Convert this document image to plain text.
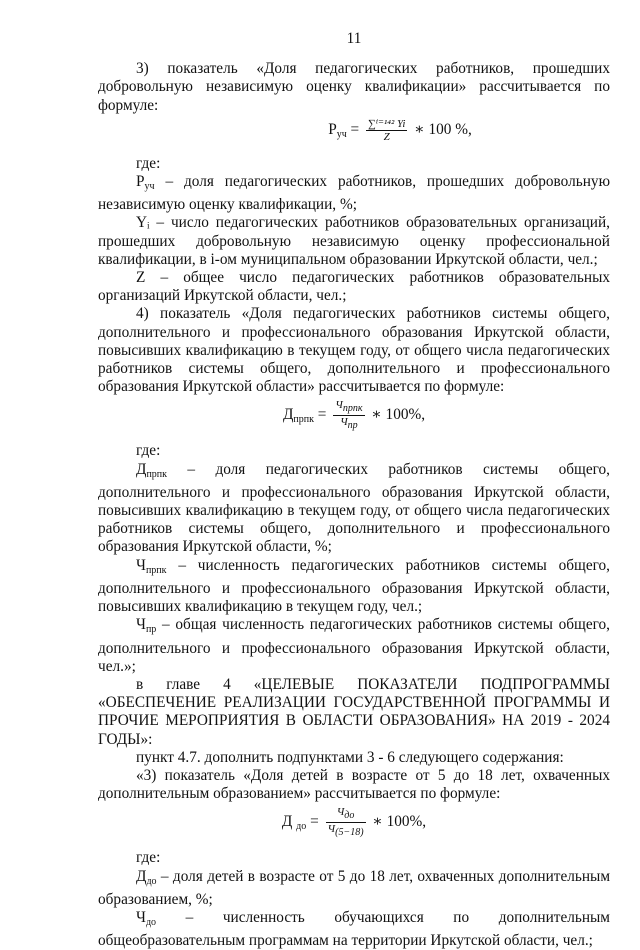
11

3) показатель «Доля педагогических работников, прошедших добровольную независимую оценку квалификации» рассчитывается по формуле:

$Р_{уч} = \frac{\text{∑ⁱ⁼¹⁴² Yi}}{Z}$ ∗ 100 %,
где:

$Р_{уч}$ – доля педагогических работников, прошедших добровольную независимую оценку квалификации, %;

Yᵢ – число педагогических работников образовательных организаций, прошедших добровольную независимую оценку профессиональной квалификации, в i-ом муниципальном образовании Иркутской области, чел.;

Z – общее число педагогических работников образовательных организаций Иркутской области, чел.;

4) показатель «Доля педагогических работников системы общего, дополнительного и профессионального образования Иркутской области, повысивших квалификацию в текущем году, от общего числа педагогических работников системы общего, дополнительного и профессионального образования Иркутской области» рассчитывается по формуле:

$Д_{прпк} = \frac{\text{Чпрпк}}{\text{Чпр}}$ ∗ 100%,
где:

$Д_{прпк}$ – доля педагогических работников системы общего, дополнительного и профессионального образования Иркутской области, повысивших квалификацию в текущем году, от общего числа педагогических работников системы общего, дополнительного и профессионального образования Иркутской области, %;

$Ч_{прпк}$ – численность педагогических работников системы общего, дополнительного и профессионального образования Иркутской области, повысивших квалификацию в текущем году, чел.;

$Ч_{пр}$ – общая численность педагогических работников системы общего, дополнительного и профессионального образования Иркутской области, чел.»;

в главе 4 «ЦЕЛЕВЫЕ ПОКАЗАТЕЛИ ПОДПРОГРАММЫ «ОБЕСПЕЧЕНИЕ РЕАЛИЗАЦИИ ГОСУДАРСТВЕННОЙ ПРОГРАММЫ И ПРОЧИЕ МЕРОПРИЯТИЯ В ОБЛАСТИ ОБРАЗОВАНИЯ» НА 2019 - 2024 ГОДЫ»:

пункт 4.7. дополнить подпунктами 3 - 6 следующего содержания:

«3) показатель «Доля детей в возрасте от 5 до 18 лет, охваченных дополнительным образованием» рассчитывается по формуле:

Д $_{до} = \frac{\text{Чдо}}{Ч(5-18)}$ ∗ 100%,
где:

$Д_{до}$ – доля детей в возрасте от 5 до 18 лет, охваченных дополнительным образованием, %;

$Ч_{до}$ – численность обучающихся по дополнительным общеобразовательным программам на территории Иркутской области, чел.;
